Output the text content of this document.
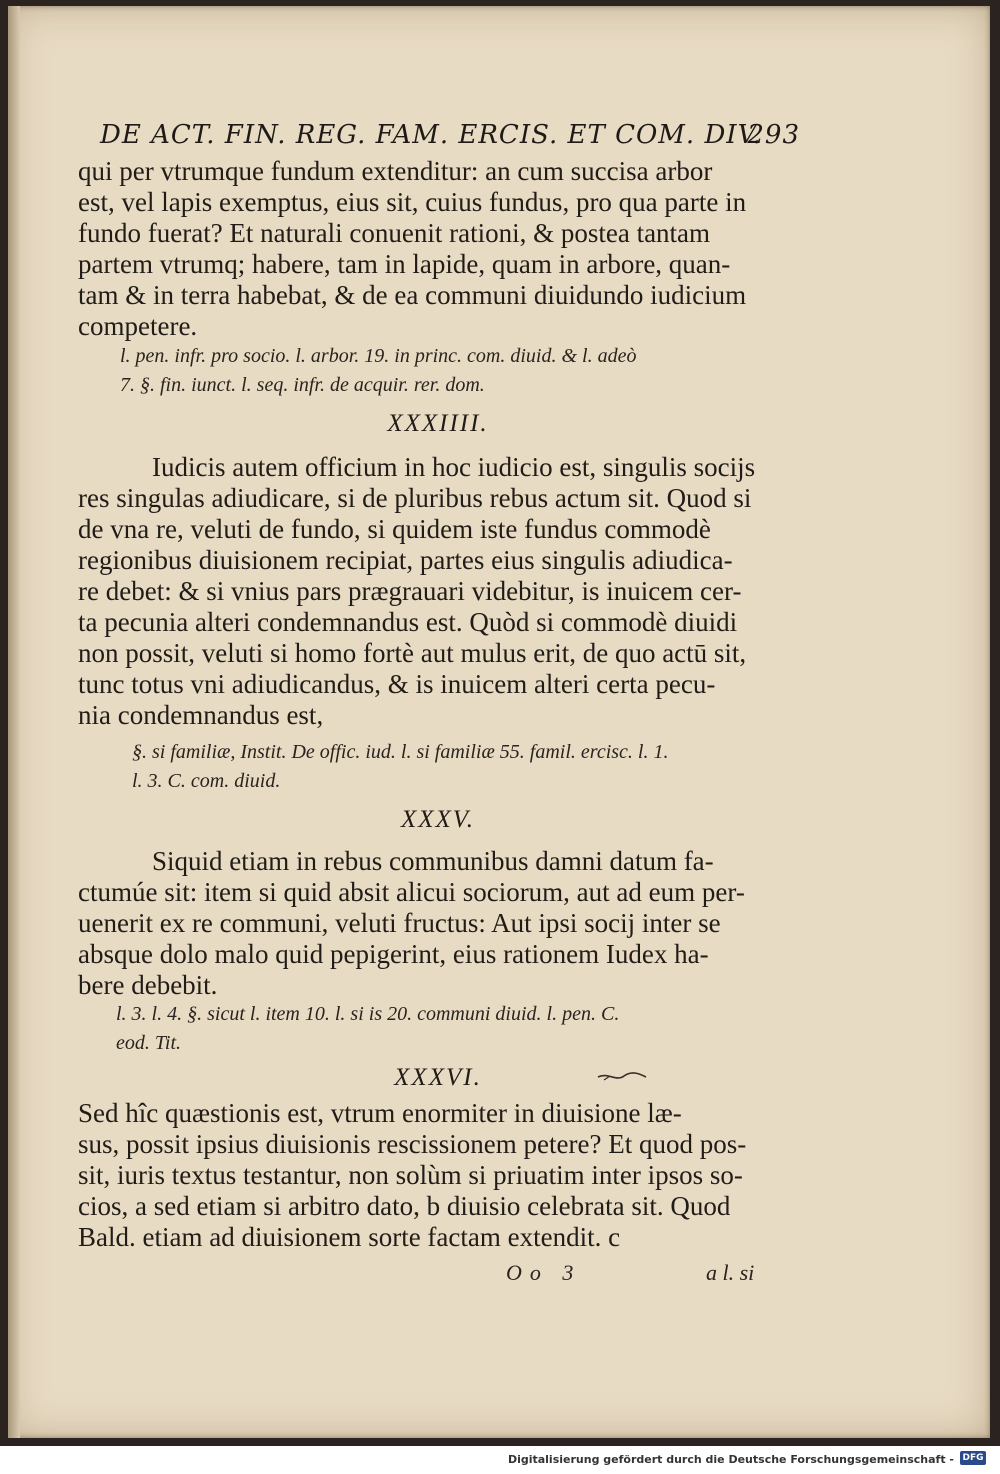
DE ACT. FIN. REG. FAM. ERCIS. ET COM. DIV.
293
qui per vtrumque fundum extenditur: an cum succisa arbor
est, vel lapis exemptus, eius sit, cuius fundus, pro qua parte in
fundo fuerat? Et naturali conuenit rationi, & postea tantam
partem vtrumq; habere, tam in lapide, quam in arbore, quan-
tam & in terra habebat, & de ea communi diuidundo iudicium
competere.
l. pen. infr. pro socio. l. arbor. 19. in princ. com. diuid. & l. adeò
7. §. fin. iunct. l. seq. infr. de acquir. rer. dom.
XXXIIII.
Iudicis autem officium in hoc iudicio est, singulis socijs
res singulas adiudicare, si de pluribus rebus actum sit. Quod si
de vna re, veluti de fundo, si quidem iste fundus commodè
regionibus diuisionem recipiat, partes eius singulis adiudica-
re debet: & si vnius pars prægrauari videbitur, is inuicem cer-
ta pecunia alteri condemnandus est. Quòd si commodè diuidi
non possit, veluti si homo fortè aut mulus erit, de quo actū sit,
tunc totus vni adiudicandus, & is inuicem alteri certa pecu-
nia condemnandus est,
§. si familiæ, Instit. De offic. iud. l. si familiæ 55. famil. ercisc. l. 1.
l. 3. C. com. diuid.
XXXV.
Siquid etiam in rebus communibus damni datum fa-
ctumúe sit: item si quid absit alicui sociorum, aut ad eum per-
uenerit ex re communi, veluti fructus: Aut ipsi socij inter se
absque dolo malo quid pepigerint, eius rationem Iudex ha-
bere debebit.
l. 3. l. 4. §. sicut l. item 10. l. si is 20. communi diuid. l. pen. C.
eod. Tit.
XXXVI.
Sed hîc quæstionis est, vtrum enormiter in diuisione læ-
sus, possit ipsius diuisionis rescissionem petere? Et quod pos-
sit, iuris textus testantur, non solùm si priuatim inter ipsos so-
cios, a sed etiam si arbitro dato, b diuisio celebrata sit. Quod
Bald. etiam ad diuisionem sorte factam extendit. c
Oo 3	a l. si
Digitalisierung gefördert durch die Deutsche Forschungsgemeinschaft - DFG
